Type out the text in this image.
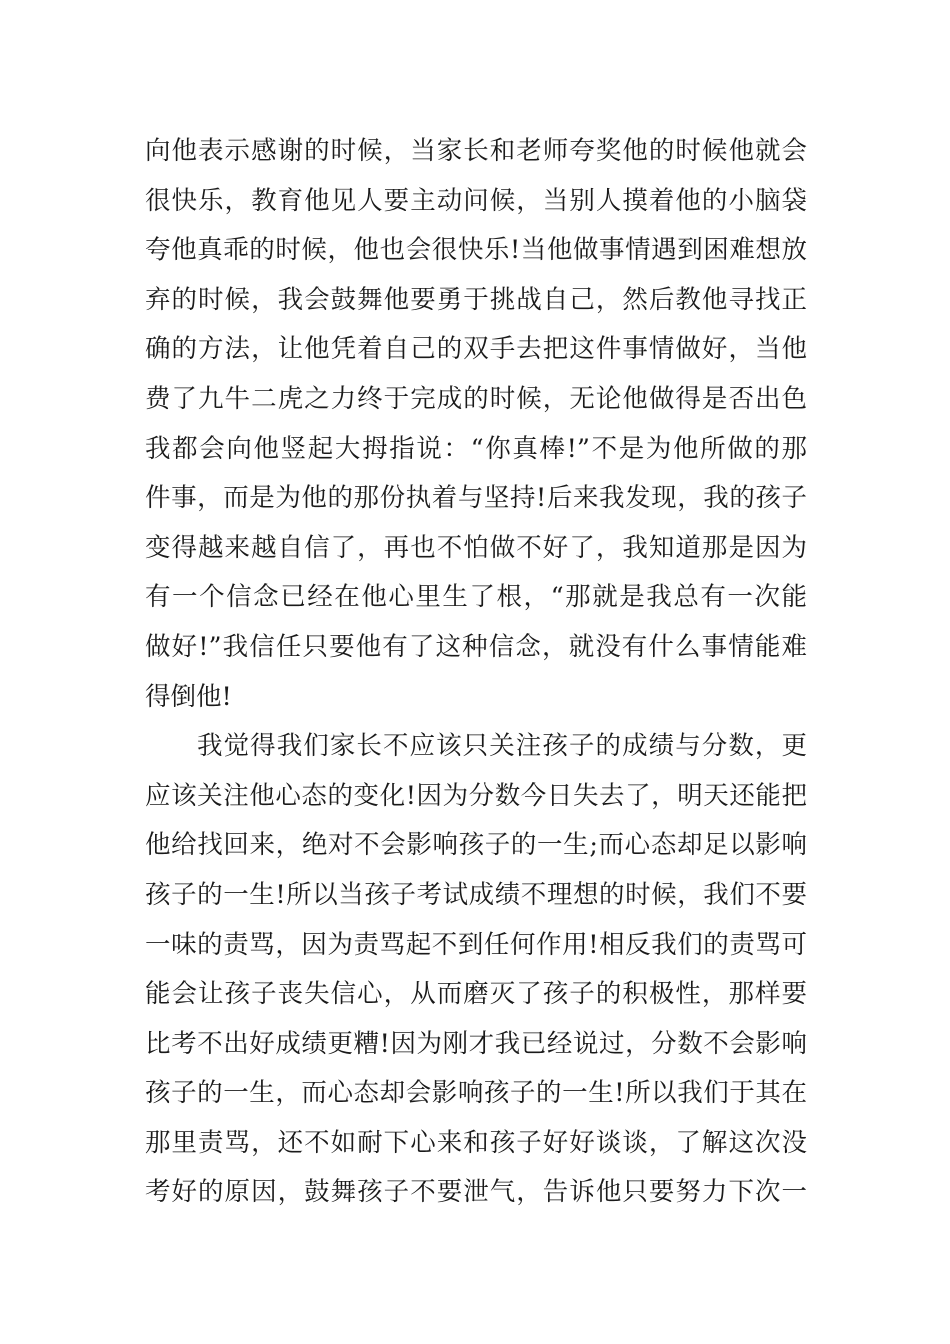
向他表示感谢的时候，当家长和老师夸奖他的时候他就会
很快乐，教育他见人要主动问候，当别人摸着他的小脑袋
夸他真乖的时候，他也会很快乐!当他做事情遇到困难想放
弃的时候，我会鼓舞他要勇于挑战自己，然后教他寻找正
确的方法，让他凭着自己的双手去把这件事情做好，当他
费了九牛二虎之力终于完成的时候，无论他做得是否出色
我都会向他竖起大拇指说：“你真棒!”不是为他所做的那
件事，而是为他的那份执着与坚持!后来我发现，我的孩子
变得越来越自信了，再也不怕做不好了，我知道那是因为
有一个信念已经在他心里生了根，“那就是我总有一次能
做好!”我信任只要他有了这种信念，就没有什么事情能难
得倒他!
我觉得我们家长不应该只关注孩子的成绩与分数，更
应该关注他心态的变化!因为分数今日失去了，明天还能把
他给找回来，绝对不会影响孩子的一生;而心态却足以影响
孩子的一生!所以当孩子考试成绩不理想的时候，我们不要
一味的责骂，因为责骂起不到任何作用!相反我们的责骂可
能会让孩子丧失信心，从而磨灭了孩子的积极性，那样要
比考不出好成绩更糟!因为刚才我已经说过，分数不会影响
孩子的一生，而心态却会影响孩子的一生!所以我们于其在
那里责骂，还不如耐下心来和孩子好好谈谈，了解这次没
考好的原因，鼓舞孩子不要泄气，告诉他只要努力下次一
